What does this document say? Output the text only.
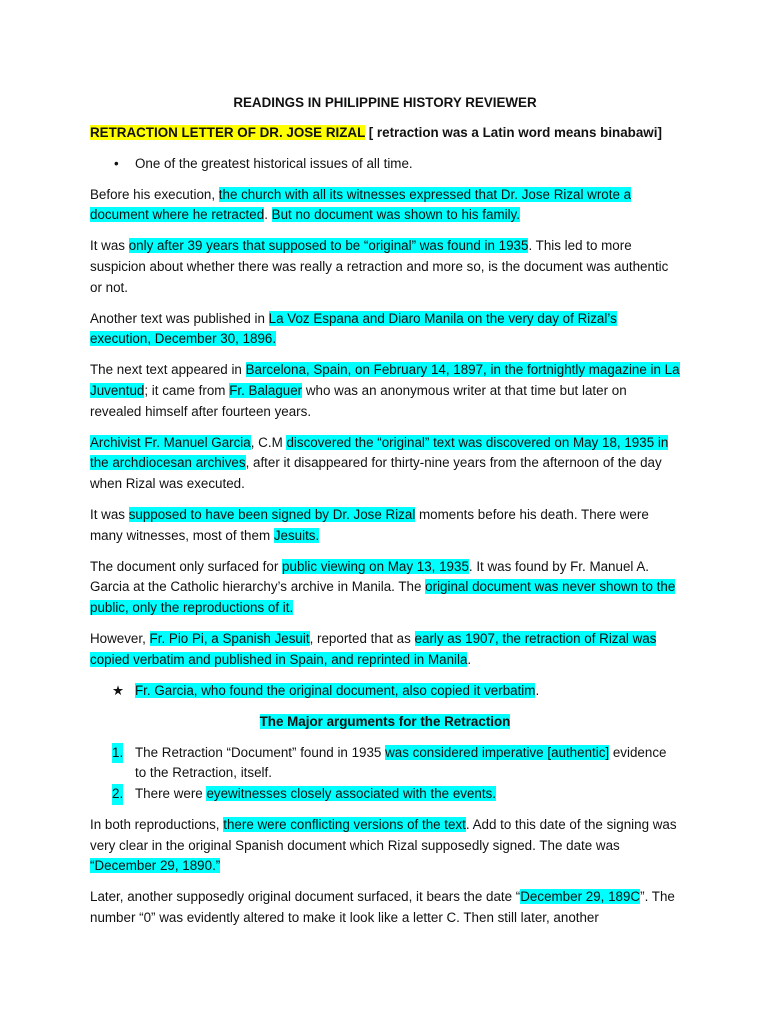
READINGS IN PHILIPPINE HISTORY REVIEWER

RETRACTION LETTER OF DR. JOSE RIZAL [ retraction was a Latin word means binabawi]

• One of the greatest historical issues of all time.

Before his execution, the church with all its witnesses expressed that Dr. Jose Rizal wrote a document where he retracted. But no document was shown to his family.

It was only after 39 years that supposed to be “original” was found in 1935. This led to more suspicion about whether there was really a retraction and more so, is the document was authentic or not.

Another text was published in La Voz Espana and Diaro Manila on the very day of Rizal’s execution, December 30, 1896.

The next text appeared in Barcelona, Spain, on February 14, 1897, in the fortnightly magazine in La Juventud; it came from Fr. Balaguer who was an anonymous writer at that time but later on revealed himself after fourteen years.

Archivist Fr. Manuel Garcia, C.M discovered the “original” text was discovered on May 18, 1935 in the archdiocesan archives, after it disappeared for thirty-nine years from the afternoon of the day when Rizal was executed.

It was supposed to have been signed by Dr. Jose Rizal moments before his death. There were many witnesses, most of them Jesuits.

The document only surfaced for public viewing on May 13, 1935. It was found by Fr. Manuel A. Garcia at the Catholic hierarchy’s archive in Manila. The original document was never shown to the public, only the reproductions of it.

However, Fr. Pio Pi, a Spanish Jesuit, reported that as early as 1907, the retraction of Rizal was copied verbatim and published in Spain, and reprinted in Manila.

★ Fr. Garcia, who found the original document, also copied it verbatim.

The Major arguments for the Retraction

1. The Retraction “Document” found in 1935 was considered imperative [authentic] evidence to the Retraction, itself.
2. There were eyewitnesses closely associated with the events.

In both reproductions, there were conflicting versions of the text. Add to this date of the signing was very clear in the original Spanish document which Rizal supposedly signed. The date was “December 29, 1890.”

Later, another supposedly original document surfaced, it bears the date “December 29, 189C”. The number “0” was evidently altered to make it look like a letter C. Then still later, another
